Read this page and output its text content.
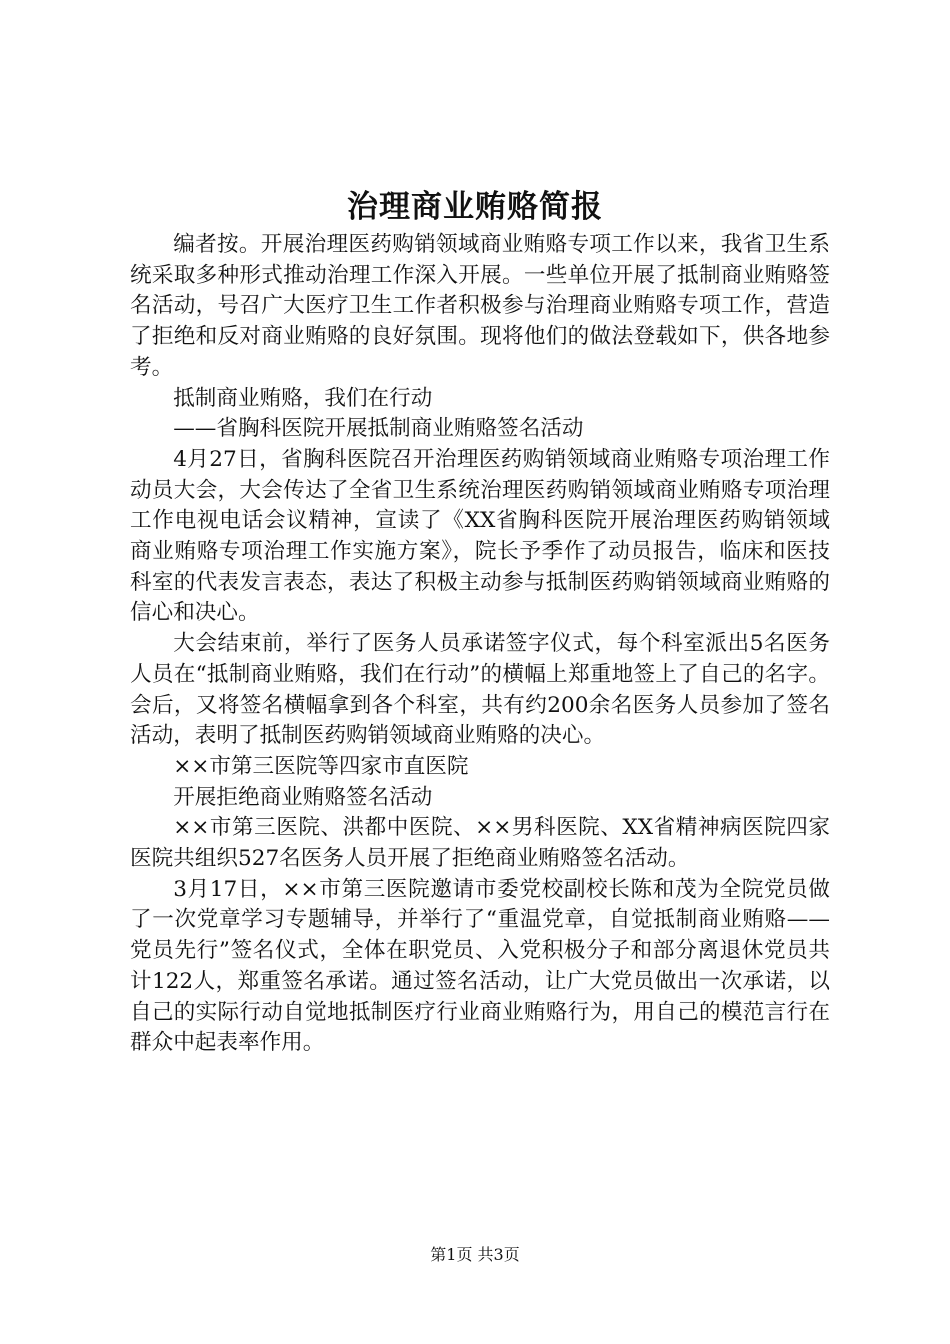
治理商业贿赂简报

编者按。开展治理医药购销领域商业贿赂专项工作以来，我省卫生系统采取多种形式推动治理工作深入开展。一些单位开展了抵制商业贿赂签名活动，号召广大医疗卫生工作者积极参与治理商业贿赂专项工作，营造了拒绝和反对商业贿赂的良好氛围。现将他们的做法登载如下，供各地参考。

抵制商业贿赂，我们在行动

——省胸科医院开展抵制商业贿赂签名活动

4月27日，省胸科医院召开治理医药购销领域商业贿赂专项治理工作动员大会，大会传达了全省卫生系统治理医药购销领域商业贿赂专项治理工作电视电话会议精神，宣读了《XX省胸科医院开展治理医药购销领域商业贿赂专项治理工作实施方案》，院长予季作了动员报告，临床和医技科室的代表发言表态，表达了积极主动参与抵制医药购销领域商业贿赂的信心和决心。

大会结束前，举行了医务人员承诺签字仪式，每个科室派出5名医务人员在“抵制商业贿赂，我们在行动”的横幅上郑重地签上了自己的名字。会后，又将签名横幅拿到各个科室，共有约200余名医务人员参加了签名活动，表明了抵制医药购销领域商业贿赂的决心。

××市第三医院等四家市直医院

开展拒绝商业贿赂签名活动

××市第三医院、洪都中医院、××男科医院、XX省精神病医院四家医院共组织527名医务人员开展了拒绝商业贿赂签名活动。

3月17日，××市第三医院邀请市委党校副校长陈和茂为全院党员做了一次党章学习专题辅导，并举行了“重温党章，自觉抵制商业贿赂——党员先行”签名仪式，全体在职党员、入党积极分子和部分离退休党员共计122人，郑重签名承诺。通过签名活动，让广大党员做出一次承诺，以自己的实际行动自觉地抵制医疗行业商业贿赂行为，用自己的模范言行在群众中起表率作用。

第1页 共3页
